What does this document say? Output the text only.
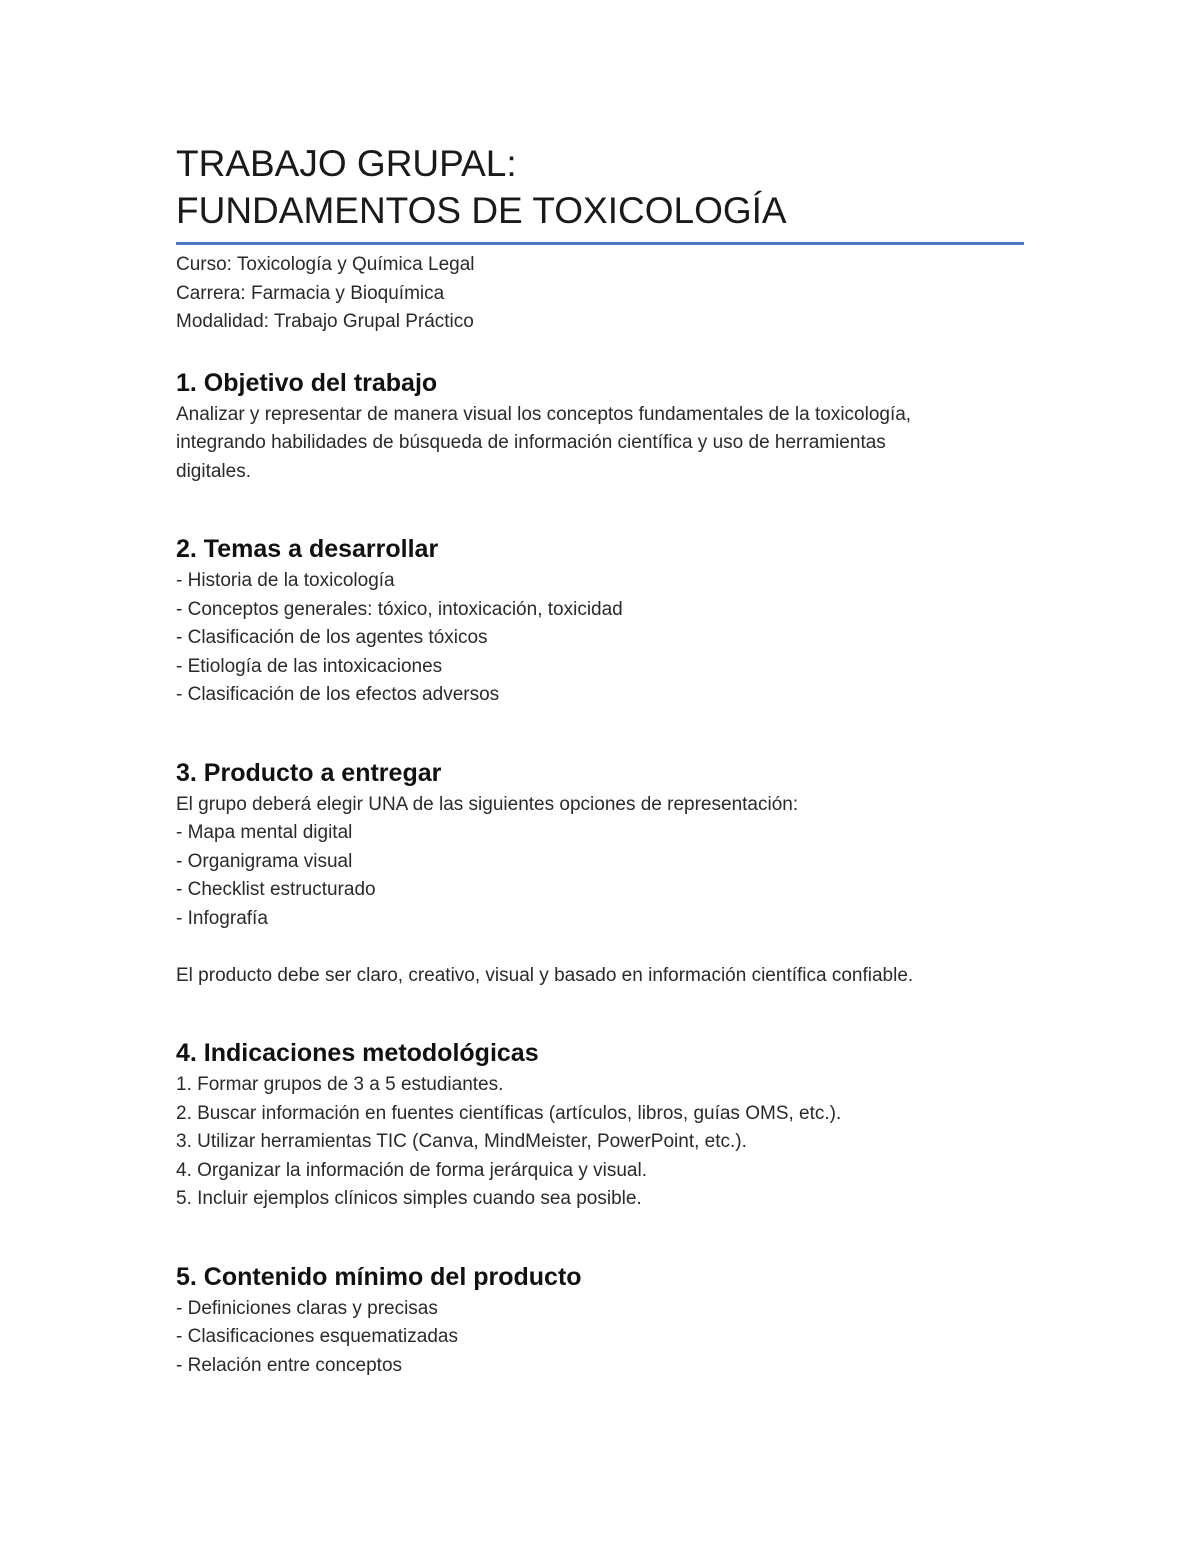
TRABAJO GRUPAL:
FUNDAMENTOS DE TOXICOLOGÍA
Curso: Toxicología y Química Legal
Carrera: Farmacia y Bioquímica
Modalidad: Trabajo Grupal Práctico
1. Objetivo del trabajo
Analizar y representar de manera visual los conceptos fundamentales de la toxicología,
integrando habilidades de búsqueda de información científica y uso de herramientas
digitales.
2. Temas a desarrollar
- Historia de la toxicología
- Conceptos generales: tóxico, intoxicación, toxicidad
- Clasificación de los agentes tóxicos
- Etiología de las intoxicaciones
- Clasificación de los efectos adversos
3. Producto a entregar
El grupo deberá elegir UNA de las siguientes opciones de representación:
- Mapa mental digital
- Organigrama visual
- Checklist estructurado
- Infografía
El producto debe ser claro, creativo, visual y basado en información científica confiable.
4. Indicaciones metodológicas
1. Formar grupos de 3 a 5 estudiantes.
2. Buscar información en fuentes científicas (artículos, libros, guías OMS, etc.).
3. Utilizar herramientas TIC (Canva, MindMeister, PowerPoint, etc.).
4. Organizar la información de forma jerárquica y visual.
5. Incluir ejemplos clínicos simples cuando sea posible.
5. Contenido mínimo del producto
- Definiciones claras y precisas
- Clasificaciones esquematizadas
- Relación entre conceptos
